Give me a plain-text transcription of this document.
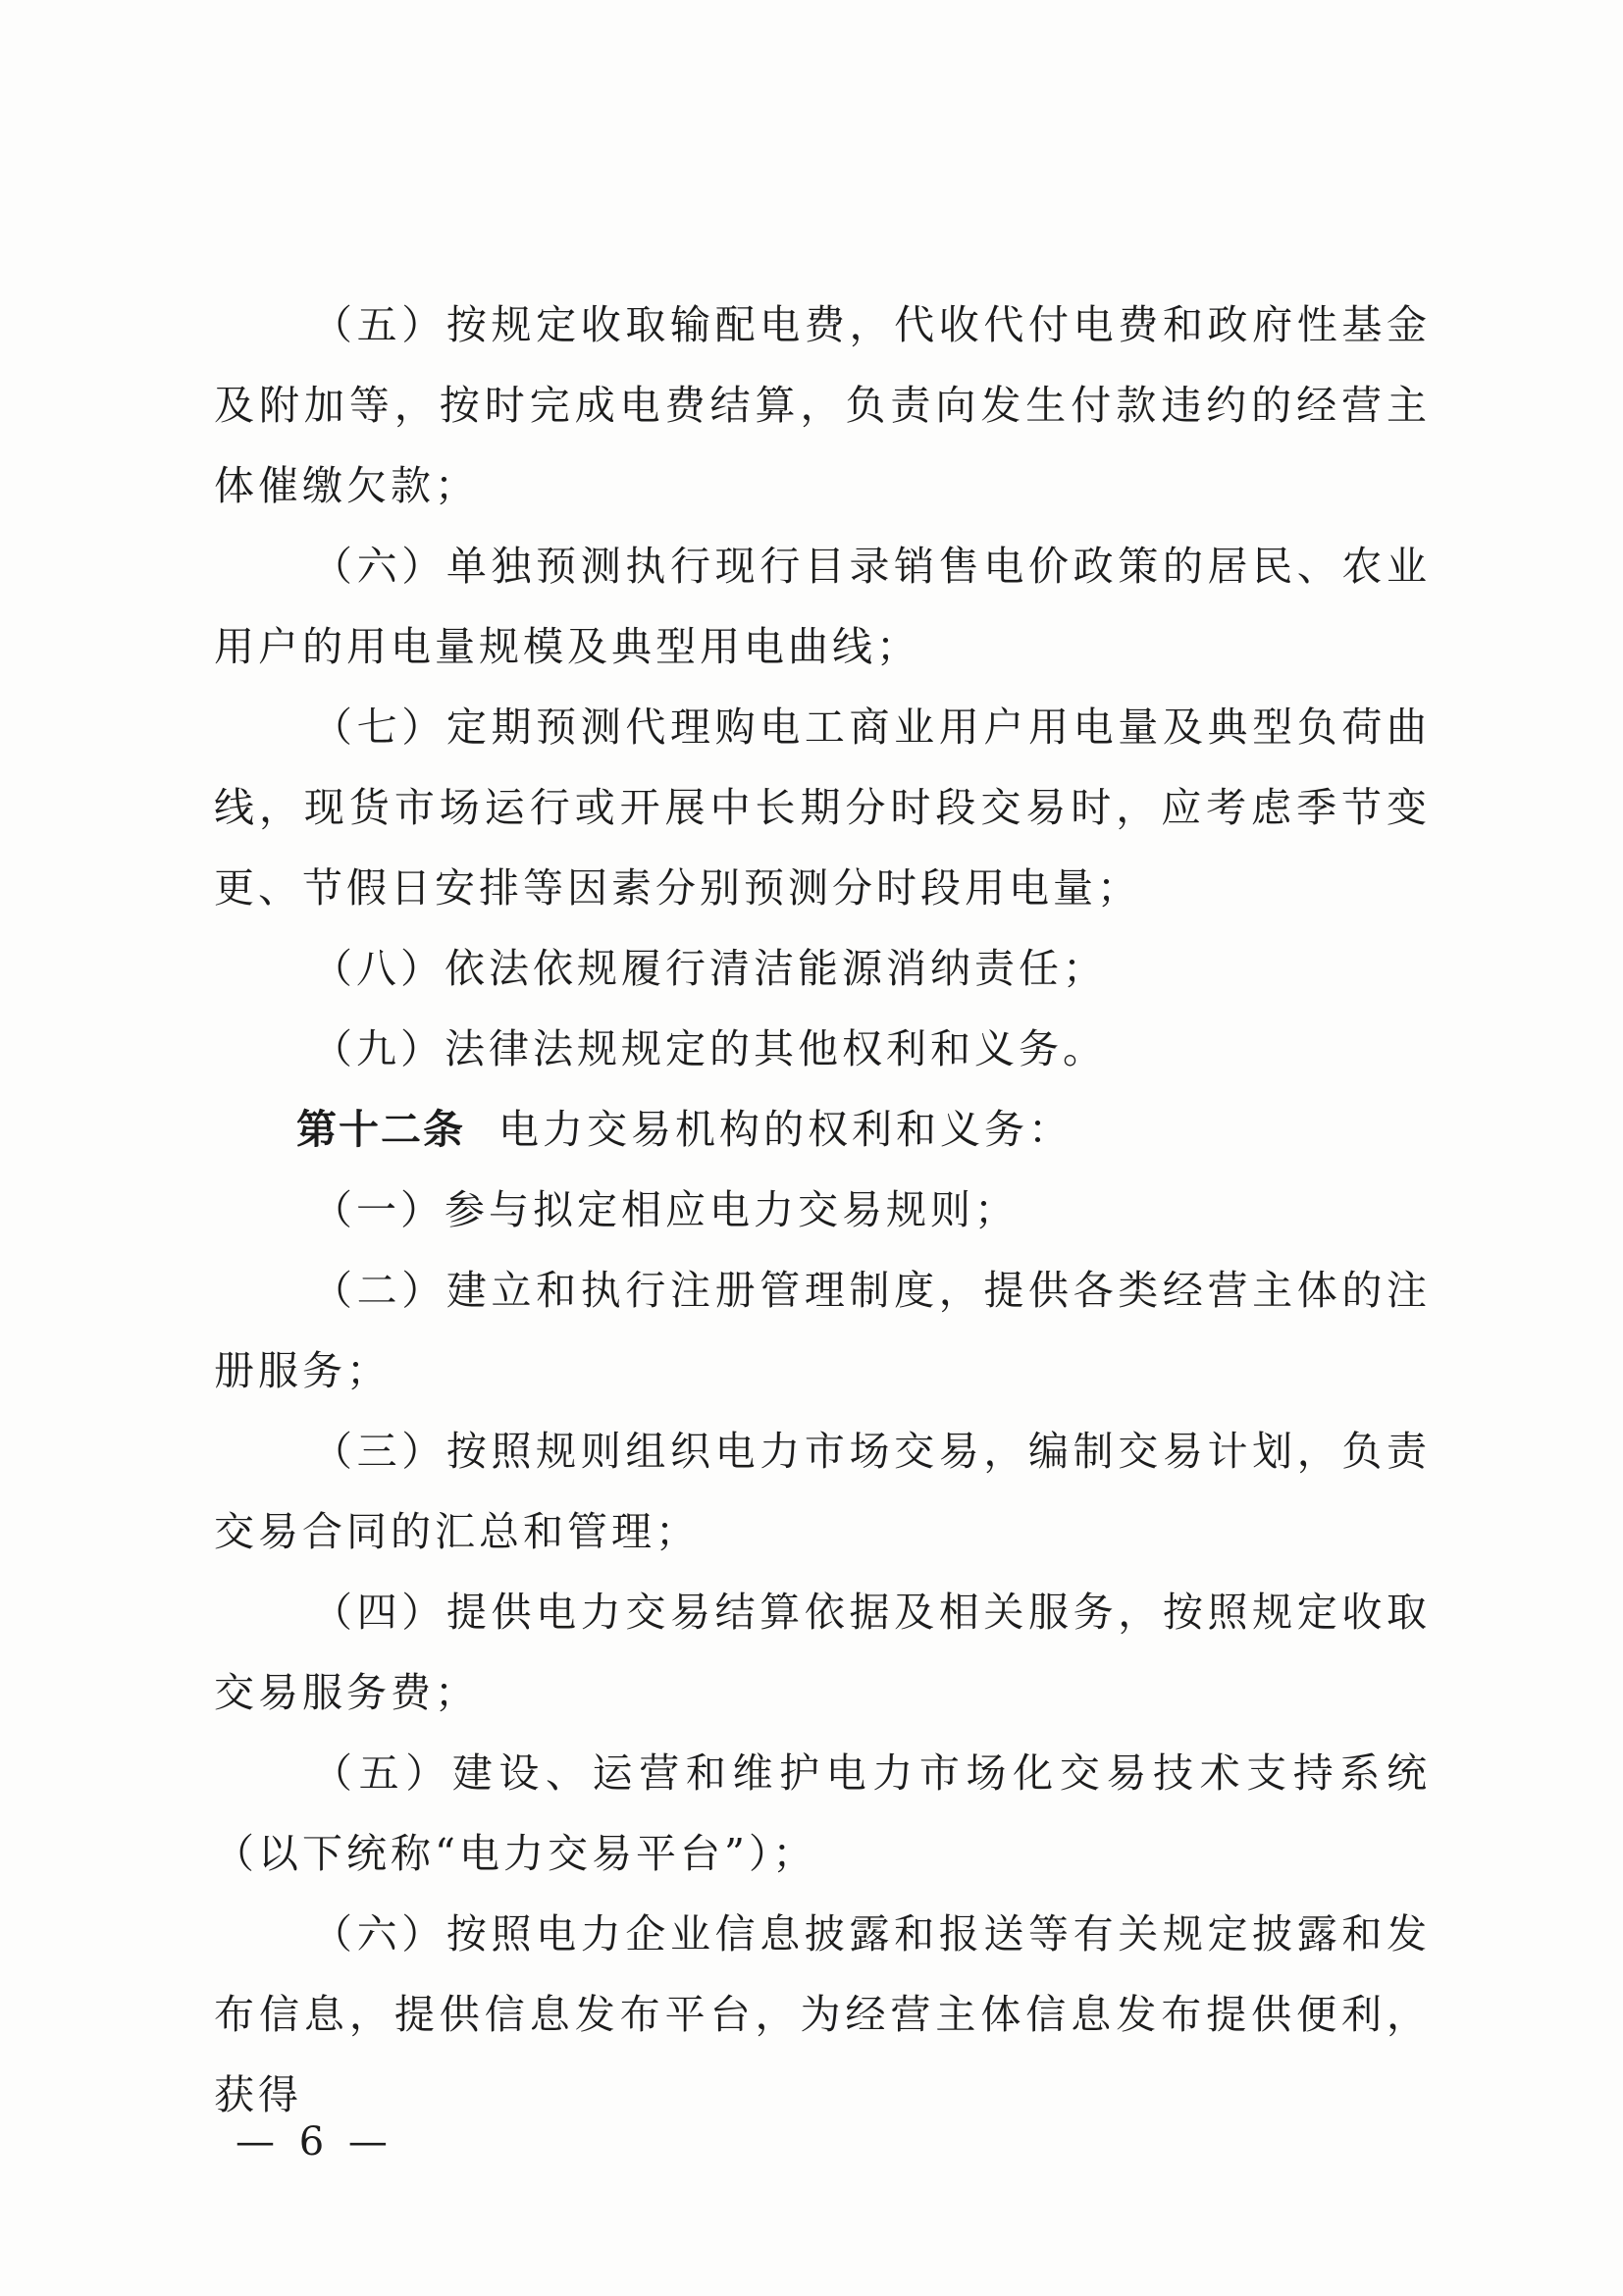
（五）按规定收取输配电费，代收代付电费和政府性基金及附加等，按时完成电费结算，负责向发生付款违约的经营主体催缴欠款；

（六）单独预测执行现行目录销售电价政策的居民、农业用户的用电量规模及典型用电曲线；

（七）定期预测代理购电工商业用户用电量及典型负荷曲线，现货市场运行或开展中长期分时段交易时，应考虑季节变更、节假日安排等因素分别预测分时段用电量；

（八）依法依规履行清洁能源消纳责任；

（九）法律法规规定的其他权利和义务。

第十二条 电力交易机构的权利和义务：

（一）参与拟定相应电力交易规则；

（二）建立和执行注册管理制度，提供各类经营主体的注册服务；

（三）按照规则组织电力市场交易，编制交易计划，负责交易合同的汇总和管理；

（四）提供电力交易结算依据及相关服务，按照规定收取交易服务费；

（五）建设、运营和维护电力市场化交易技术支持系统（以下统称“电力交易平台”）；

（六）按照电力企业信息披露和报送等有关规定披露和发布信息，提供信息发布平台，为经营主体信息发布提供便利，获得

— 6 —
